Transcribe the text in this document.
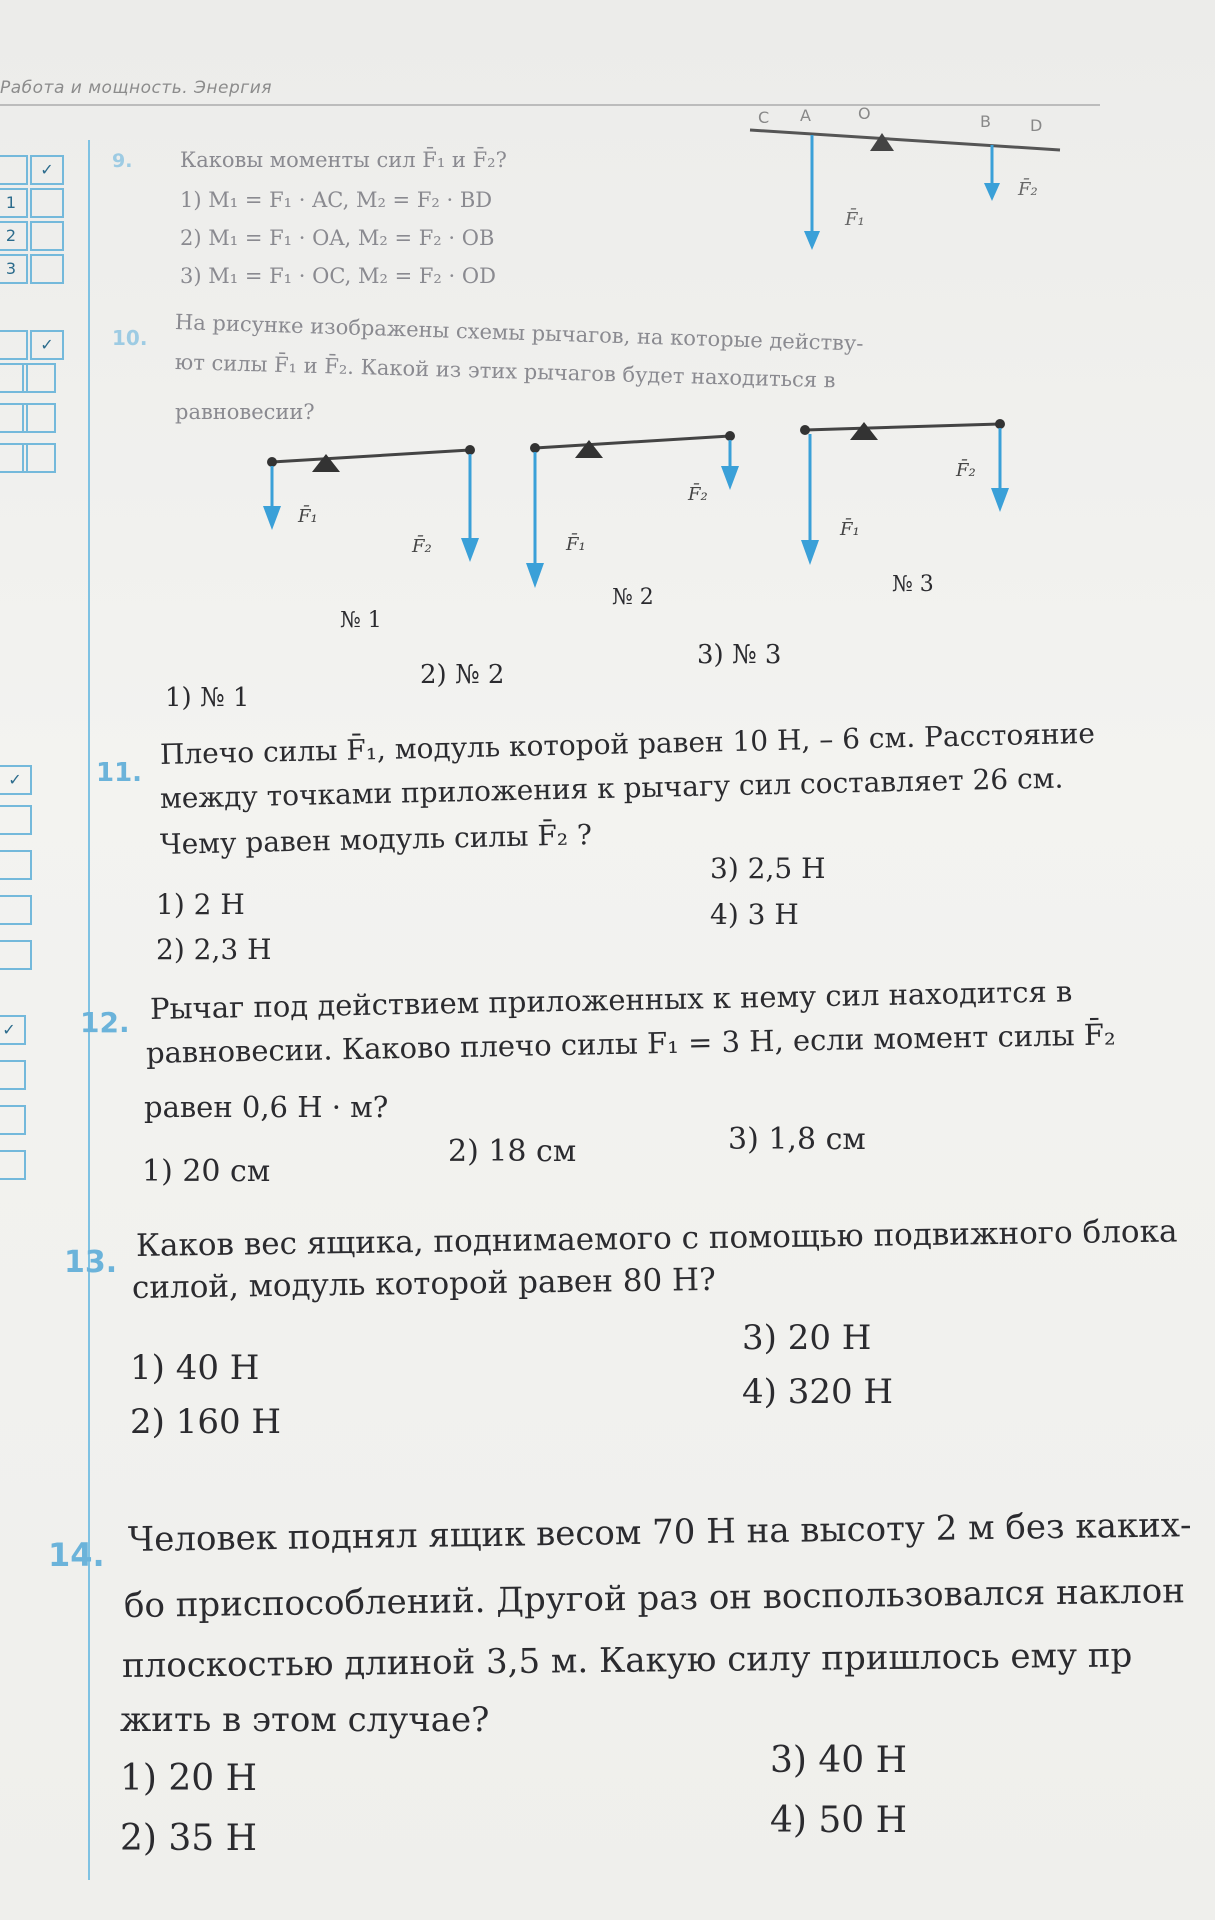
Работа и мощность. Энергия
✓
1
2
3
✓
✓
✓
9. Каковы моменты сил F̄₁ и F̄₂?
1) M₁ = F₁ · AC, M₂ = F₂ · BD
2) M₁ = F₁ · OA, M₂ = F₂ · OB
3) M₁ = F₁ · OC, M₂ = F₂ · OD
C A	O	B D
F̄₁
F̄₂
10. На рисунке изображены схемы рычагов, на которые действу-
ют силы F̄₁ и F̄₂. Какой из этих рычагов будет находиться в
равновесии?
F̄₁
F̄₂	F̄₁
F̄₂
F̄₁
F̄₂
№ 1
№ 2
№ 3
1) № 1
2) № 2
3) № 3
11.
Плечо силы F̄₁, модуль которой равен 10 Н, – 6 см. Расстояние
между точками приложения к рычагу сил составляет 26 см.
Чему равен модуль силы F̄₂ ?
1) 2 Н
2) 2,3 Н
3) 2,5 Н
4) 3 Н
12. Рычаг под действием приложенных к нему сил находится в
равновесии. Каково плечо силы F₁ = 3 Н, если момент силы F̄₂
равен 0,6 Н · м?
1) 20 см
2) 18 см	3) 1,8 см
13. Каков вес ящика, поднимаемого с помощью подвижного блока
силой, модуль которой равен 80 Н?
1) 40 Н
2) 160 Н
3) 20 Н
4) 320 Н
14. Человек поднял ящик весом 70 Н на высоту 2 м без каких-
бо приспособлений. Другой раз он воспользовался наклон
плоскостью длиной 3,5 м. Какую силу пришлось ему пр
жить в этом случае?
1) 20 Н
2) 35 Н
3) 40 Н
4) 50 Н
